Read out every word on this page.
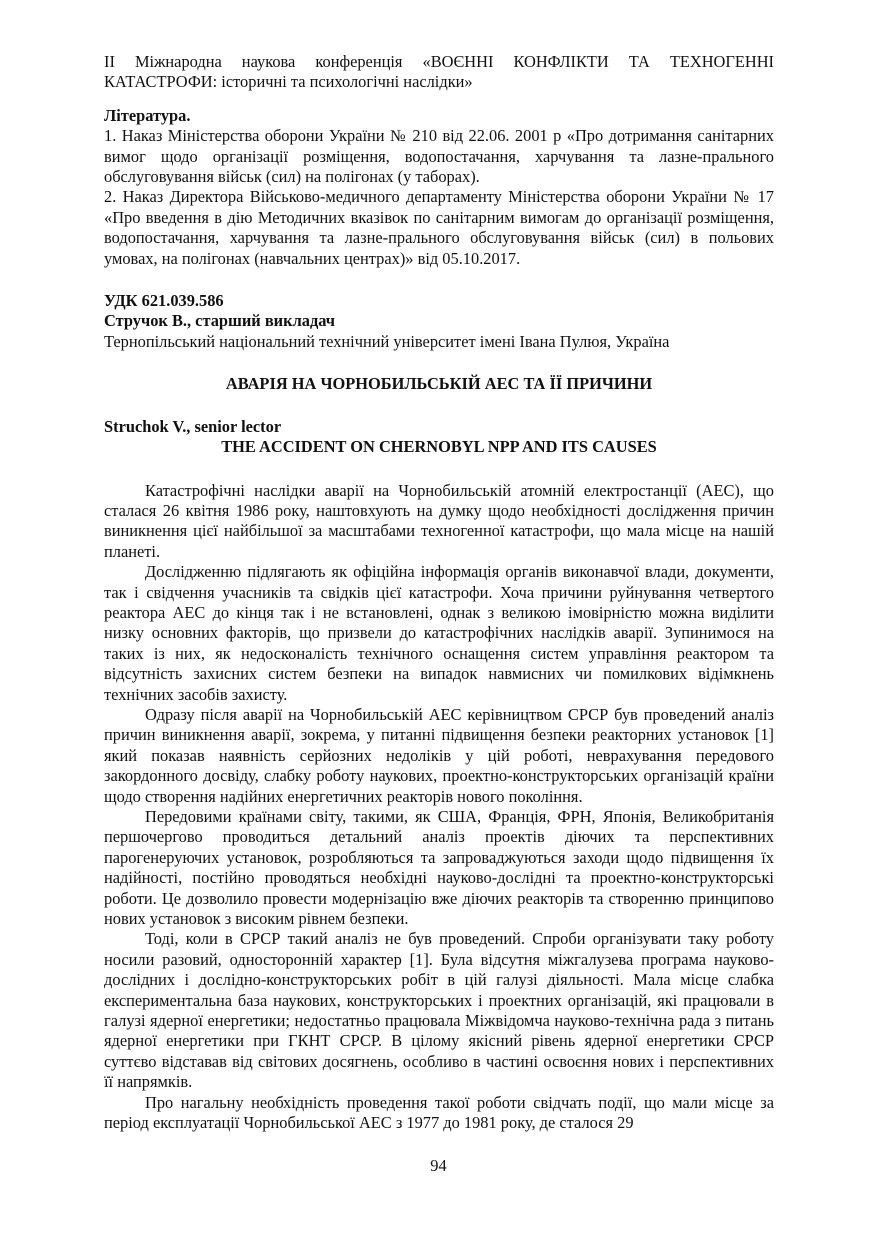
ІІ Міжнародна наукова конференція «ВОЄННІ КОНФЛІКТИ ТА ТЕХНОГЕННІ КАТАСТРОФИ: історичні та психологічні наслідки»

Література.

1. Наказ Міністерства оборони України № 210 від 22.06. 2001 р «Про дотримання санітарних вимог щодо організації розміщення, водопостачання, харчування та лазне-прального обслуговування військ (сил) на полігонах (у таборах).

2. Наказ Директора Військово-медичного департаменту Міністерства оборони України № 17 «Про введення в дію Методичних вказівок по санітарним вимогам до організації розміщення, водопостачання, харчування та лазне-прального обслуговування військ (сил) в польових умовах, на полігонах (навчальних центрах)» від 05.10.2017.

УДК 621.039.586

Стручок В., старший викладач

Тернопільський національний технічний університет імені Івана Пулюя, Україна

АВАРІЯ НА ЧОРНОБИЛЬСЬКІЙ АЕС ТА ЇЇ ПРИЧИНИ

Struchok V., senior lector

THE ACCIDENT ON CHERNOBYL NPP AND ITS CAUSES

Катастрофічні наслідки аварії на Чорнобильській атомній електростанції (АЕС), що сталася 26 квітня 1986 року, наштовхують на думку щодо необхідності дослідження причин виникнення цієї найбільшої за масштабами техногенної катастрофи, що мала місце на нашій планеті.

Дослідженню підлягають як офіційна інформація органів виконавчої влади, документи, так і свідчення учасників та свідків цієї катастрофи. Хоча причини руйнування четвертого реактора АЕС до кінця так і не встановлені, однак з великою імовірністю можна виділити низку основних факторів, що призвели до катастрофічних наслідків аварії. Зупинимося на таких із них, як недосконаліcть технічного оснащення систем управління реактором та відсутність захисних систем безпеки на випадок навмисних чи помилкових відімкнень технічних засобів захисту.

Одразу після аварії на Чорнобильській АЕС керівництвом СРСР був проведений аналіз причин виникнення аварії, зокрема, у питанні підвищення безпеки реакторних установок [1] який показав наявність серйозних недоліків у цій роботі, неврахування передового закордонного досвіду, слабку роботу наукових, проектно-конструкторських організацій країни щодо створення надійних енергетичних реакторів нового покоління.

Передовими країнами світу, такими, як США, Франція, ФРН, Японія, Великобританія першочергово проводиться детальний аналіз проектів діючих та перспективних парогенеруючих установок, розробляються та запроваджуються заходи щодо підвищення їх надійності, постійно проводяться необхідні науково-дослідні та проектно-конструкторські роботи. Це дозволило провести модернізацію вже діючих реакторів та створенню принципово нових установок з високим рівнем безпеки.

Тоді, коли в СРСР такий аналіз не був проведений. Спроби організувати таку роботу носили разовий, односторонній характер [1]. Була відсутня міжгалузева програма науково-дослідних і дослідно-конструкторських робіт в цій галузі діяльності. Мала місце слабка експериментальна база наукових, конструкторських і проектних організацій, які працювали в галузі ядерної енергетики; недостатньо працювала Міжвідомча науково-технічна рада з питань ядерної енергетики при ГКНТ СРСР. В цілому якісний рівень ядерної енергетики СРСР суттєво відставав від світових досягнень, особливо в частині освоєння нових і перспективних її напрямків.

Про нагальну необхідність проведення такої роботи свідчать події, що мали місце за період експлуатації Чорнобильської АЕС з 1977 до 1981 року, де сталося 29

94
